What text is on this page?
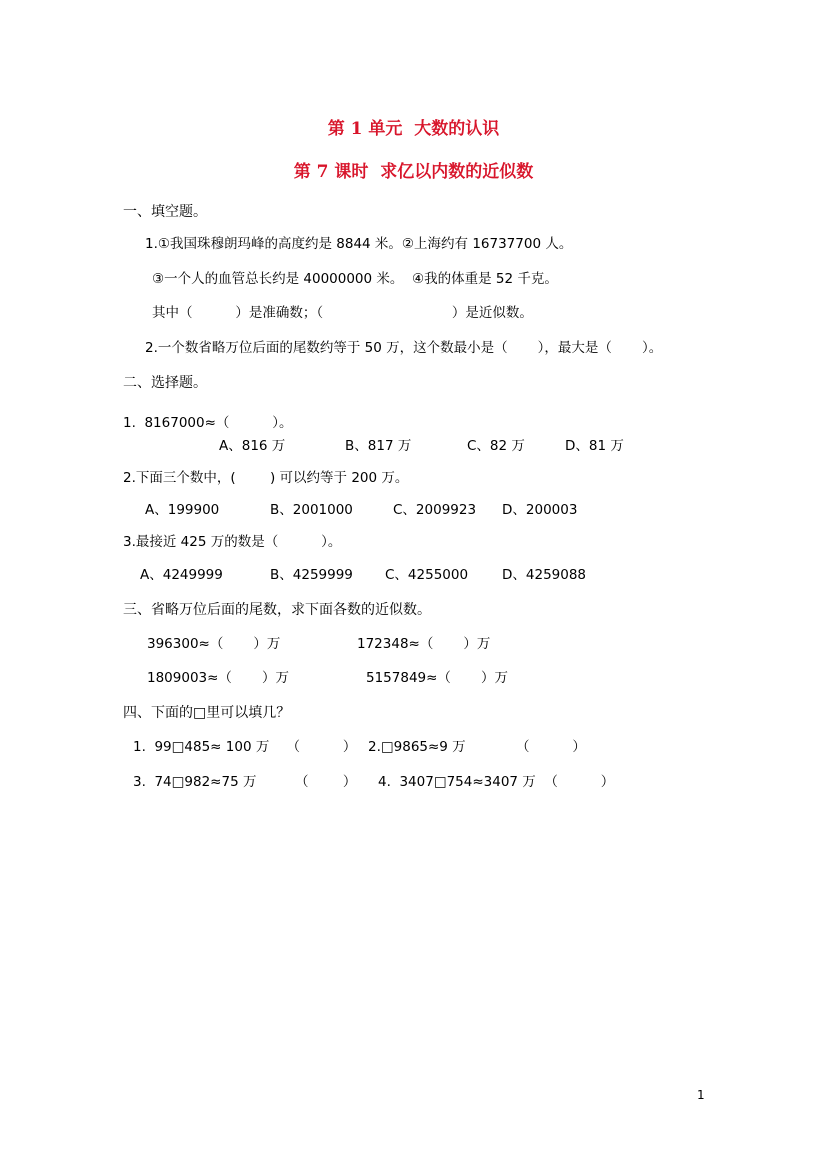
第 1 单元  大数的认识
第 7 课时  求亿以内数的近似数
一、填空题。
1.①我国珠穆朗玛峰的高度约是 8844 米。②上海约有 16737700 人。
③一个人的血管总长约是 40000000 米。  ④我的体重是 52 千克。
其中（          ）是准确数；（                              ）是近似数。
2.一个数省略万位后面的尾数约等于 50 万，这个数最小是（       ），最大是（       ）。
二、选择题。
1.  8167000≈（          ）。
A、816 万	B、817 万	C、82 万	D、81 万
2.下面三个数中，(        ) 可以约等于 200 万。
A、199900	B、2001000	C、2009923 D、200003
3.最接近 425 万的数是（          ）。
A、4249999	B、4259999 C、4255000	D、4259088
三、省略万位后面的尾数，求下面各数的近似数。
396300≈（       ）万	172348≈（       ）万
1809003≈（       ）万	5157849≈（       ）万
四、下面的□里可以填几？
1.  99□485≈ 100 万    （          ） 2.□9865≈9 万	（          ）
3.  74□982≈75 万	（        ） 4.  3407□754≈3407 万  （          ）
1
